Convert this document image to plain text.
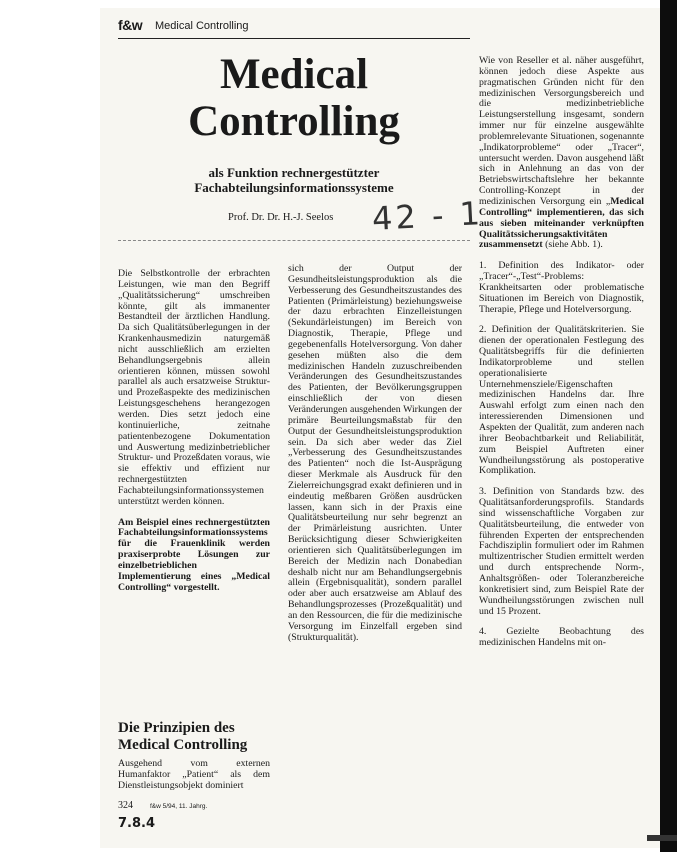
f&w Medical Controlling
Medical
Controlling
als Funktion rechnergestützter
Fachabteilungsinformationssysteme
Prof. Dr. Dr. H.-J. Seelos 42 - 1

Die Selbstkontrolle der erbrachten Leistungen, wie man den Begriff „Qualitätssicherung“ umschreiben könnte, gilt als immanenter Bestandteil der ärztlichen Handlung. Da sich Qualitätsüberlegungen in der Krankenhausmedizin naturgemäß nicht ausschließlich am erzielten Behandlungsergebnis allein orientieren können, müssen sowohl parallel als auch ersatzweise Struktur- und Prozeßaspekte des medizinischen Leistungsgeschehens herangezogen werden. Dies setzt jedoch eine kontinuierliche, zeitnahe patientenbezogene Dokumentation und Auswertung medizinbetrieblicher Struktur- und Prozeßdaten voraus, wie sie effektiv und effizient nur rechnergestützten Fachabteilungsinformationssystemen unterstützt werden können.

Am Beispiel eines rechnergestützten Fachabteilungsinformationssystems für die Frauenklinik werden praxiserprobte Lösungen zur einzelbetrieblichen Implementierung eines „Medical Controlling“ vorgestellt.

Die Prinzipien des
Medical Controlling
Ausgehend vom externen Humanfaktor „Patient“ als dem Dienstleistungsobjekt dominiert

sich der Output der Gesundheitsleistungsproduktion als die Verbesserung des Gesundheitszustandes des Patienten (Primärleistung) beziehungsweise der dazu erbrachten Einzelleistungen (Sekundärleistungen) im Bereich von Diagnostik, Therapie, Pflege und gegebenenfalls Hotelversorgung. Von daher gesehen müßten also die dem medizinischen Handeln zuzuschreibenden Veränderungen des Gesundheitszustandes des Patienten, der Bevölkerungsgruppen einschließlich der von diesen Veränderungen ausgehenden Wirkungen der primäre Beurteilungsmaßstab für den Output der Gesundheitsleistungsproduktion sein. Da sich aber weder das Ziel „Verbesserung des Gesundheitszustandes des Patienten“ noch die Ist-Ausprägung dieser Merkmale als Ausdruck für den Zielerreichungsgrad exakt definieren und in eindeutig meßbaren Größen ausdrücken lassen, kann sich in der Praxis eine Qualitätsbeurteilung nur sehr begrenzt an der Primärleistung ausrichten. Unter Berücksichtigung dieser Schwierigkeiten orientieren sich Qualitätsüberlegungen im Bereich der Medizin nach Donabedian deshalb nicht nur am Behandlungsergebnis allein (Ergebnisqualität), sondern parallel oder aber auch ersatzweise am Ablauf des Behandlungsprozesses (Prozeßqualität) und an den Ressourcen, die für die medizinische Versorgung im Einzelfall ergeben sind (Strukturqualität).

Wie von Reseller et al. näher ausgeführt, können jedoch diese Aspekte aus pragmatischen Gründen nicht für den medizinischen Versorgungsbereich und die medizinbetriebliche Leistungserstellung insgesamt, sondern immer nur für einzelne ausgewählte problemrelevante Situationen, sogenannte „Indikatorprobleme“ oder „Tracer“, untersucht werden. Davon ausgehend läßt sich in Anlehnung an das von der Betriebswirtschaftslehre her bekannte Controlling-Konzept in der medizinischen Versorgung ein „Medical Controlling“ implementieren, das sich aus sieben miteinander verknüpften Qualitätssicherungsaktivitäten zusammensetzt (siehe Abb. 1).

1. Definition des Indikator- oder „Tracer“-„Test“-Problems: Krankheitsarten oder problematische Situationen im Bereich von Diagnostik, Therapie, Pflege und Hotelversorgung.

2. Definition der Qualitätskriterien. Sie dienen der operationalen Festlegung des Qualitätsbegriffs für die definierten Indikatorprobleme und stellen operationalisierte Unternehmensziele/Eigenschaften medizinischen Handelns dar. Ihre Auswahl erfolgt zum einen nach den interessierenden Dimensionen und Aspekten der Qualität, zum anderen nach ihrer Beobachtbarkeit und Reliabilität, zum Beispiel Auftreten einer Wundheilungsstörung als postoperative Komplikation.

3. Definition von Standards bzw. des Qualitätsanforderungsprofils. Standards sind wissenschaftliche Vorgaben zur Qualitätsbeurteilung, die entweder von führenden Experten der entsprechenden Fachdisziplin formuliert oder im Rahmen multizentrischer Studien ermittelt werden und durch entsprechende Norm-, Anhaltsgrößen- oder Toleranzbereiche konkretisiert sind, zum Beispiel Rate der Wundheilungsstörungen zwischen null und 15 Prozent.

4. Gezielte Beobachtung des medizinischen Handelns mit on-

324	f&w 5/94, 11. Jahrg.
7.8.4
